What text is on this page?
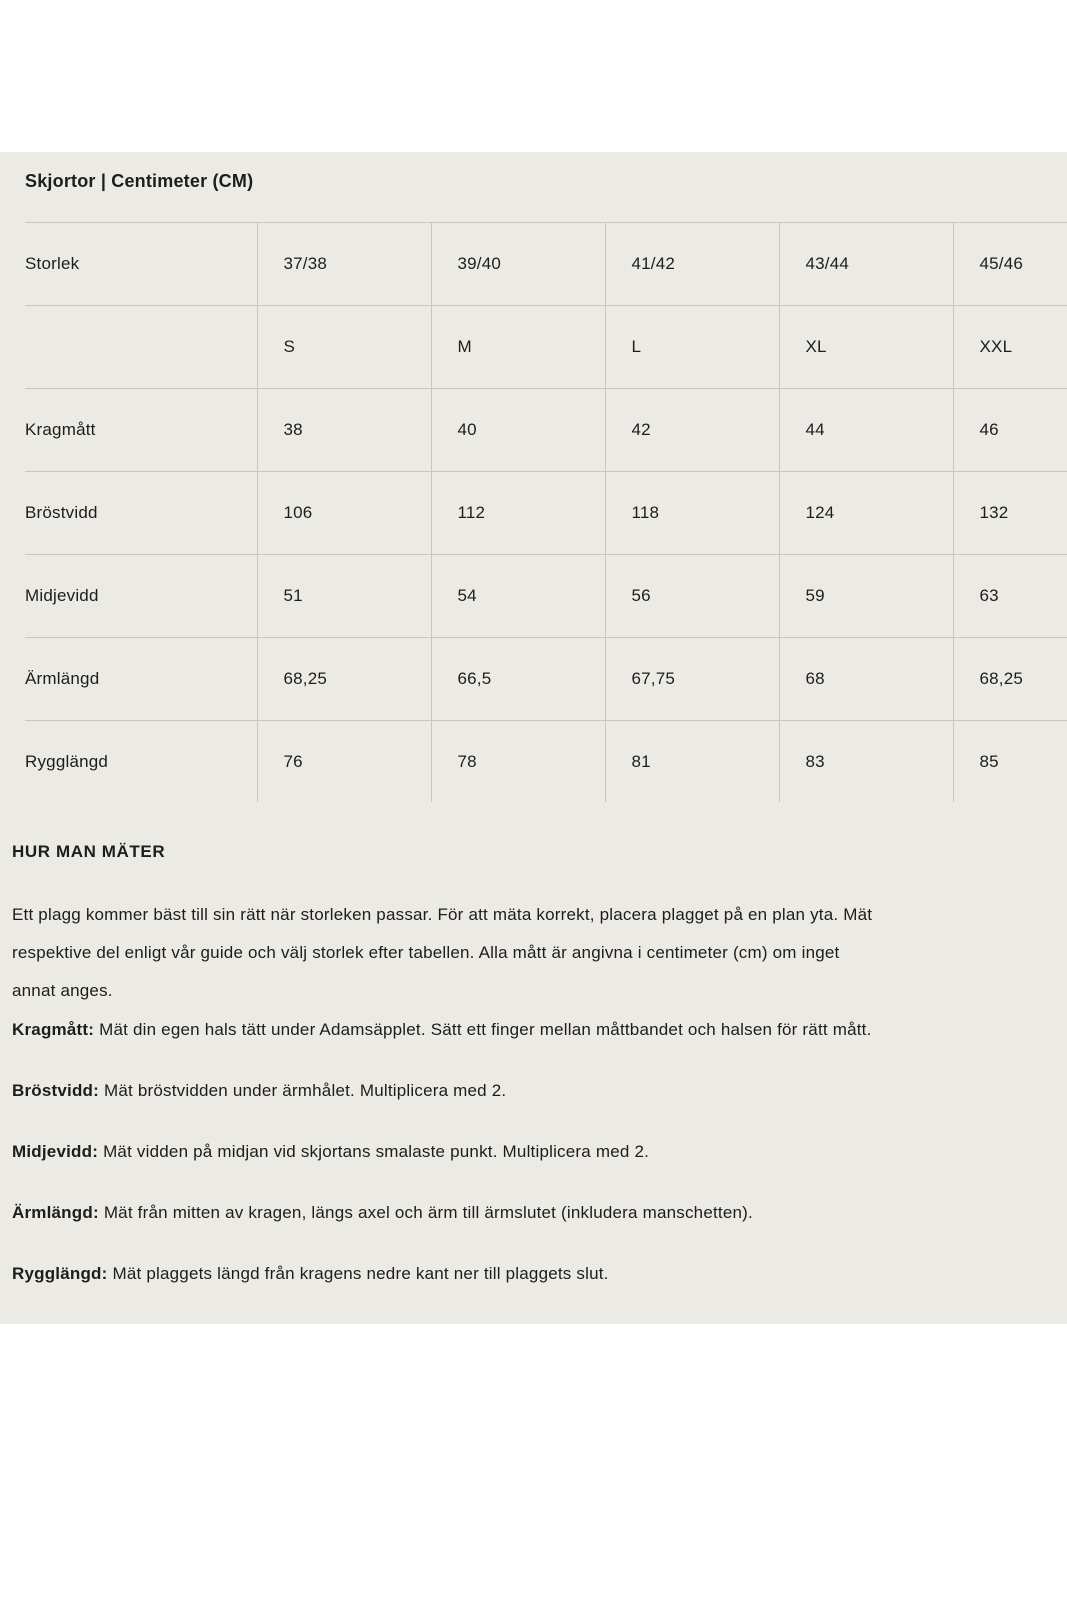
Skjortor | Centimeter (CM)
Storlek	37/38	39/40	41/42	43/44	45/46
	S	M	L	XL	XXL
Kragmått	38	40	42	44	46
Bröstvidd	106	112	118	124	132
Midjevidd	51	54	56	59	63
Ärmlängd	68,25	66,5	67,75	68	68,25
Rygglängd	76	78	81	83	85
HUR MAN MÄTER
Ett plagg kommer bäst till sin rätt när storleken passar. För att mäta korrekt, placera plagget på en plan yta. Mät
respektive del enligt vår guide och välj storlek efter tabellen. Alla mått är angivna i centimeter (cm) om inget
annat anges.
Kragmått: Mät din egen hals tätt under Adamsäpplet. Sätt ett finger mellan måttbandet och halsen för rätt mått.
Bröstvidd: Mät bröstvidden under ärmhålet. Multiplicera med 2.
Midjevidd: Mät vidden på midjan vid skjortans smalaste punkt. Multiplicera med 2.
Ärmlängd: Mät från mitten av kragen, längs axel och ärm till ärmslutet (inkludera manschetten).
Rygglängd: Mät plaggets längd från kragens nedre kant ner till plaggets slut.
